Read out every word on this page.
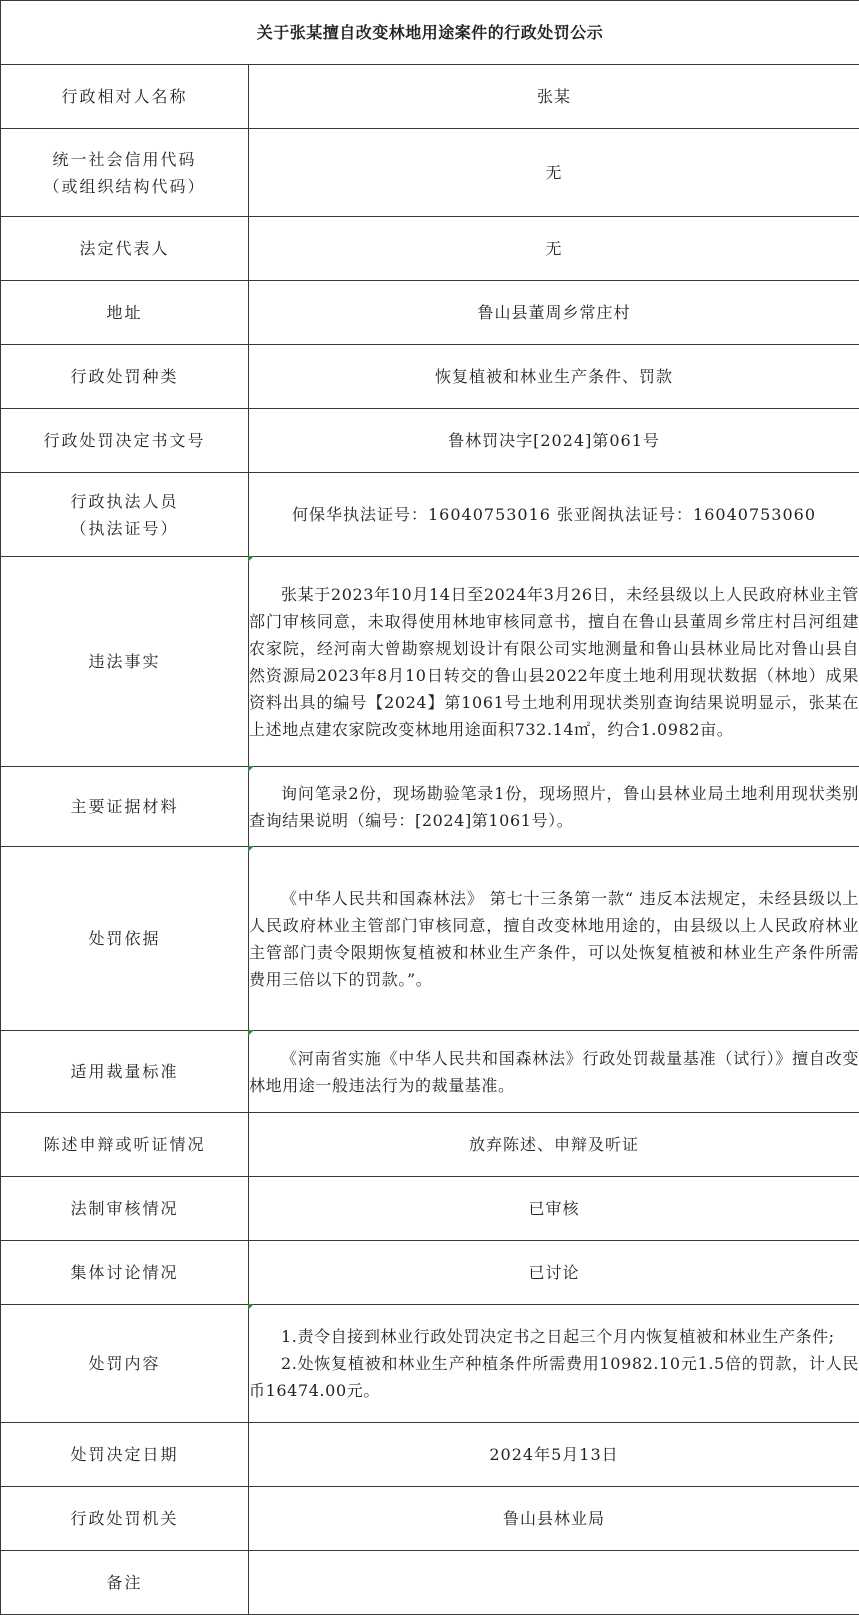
关于张某擅自改变林地用途案件的行政处罚公示	
行政相对人名称	张某

统一社会信用代码
（或组织结构代码）	无
法定代表人	无
地址	鲁山县董周乡常庄村
行政处罚种类	恢复植被和林业生产条件、罚款
行政处罚决定书文号	鲁林罚决字[2024]第061号

行政执法人员
（执法证号）	何保华执法证号：16040753016 张亚阁执法证号：16040753060
违法事实	张某于2023年10月14日至2024年3月26日，未经县级以上人民政府林业主管部门审核同意，未取得使用林地审核同意书，擅自在鲁山县董周乡常庄村吕河组建农家院，经河南大曾勘察规划设计有限公司实地测量和鲁山县林业局比对鲁山县自然资源局2023年8月10日转交的鲁山县2022年度土地利用现状数据（林地）成果资料出具的编号【2024】第1061号土地利用现状类别查询结果说明显示，张某在上述地点建农家院改变林地用途面积732.14㎡，约合1.0982亩。

主要证据材料	询问笔录2份，现场勘验笔录1份，现场照片，鲁山县林业局土地利用现状类别查询结果说明（编号：[2024]第1061号）。

处罚依据	《中华人民共和国森林法》 第七十三条第一款“ 违反本法规定，未经县级以上人民政府林业主管部门审核同意，擅自改变林地用途的，由县级以上人民政府林业主管部门责令限期恢复植被和林业生产条件，可以处恢复植被和林业生产条件所需费用三倍以下的罚款。”。

适用裁量标准	《河南省实施《中华人民共和国森林法》行政处罚裁量基准（试行）》擅自改变林地用途一般违法行为的裁量基准。

陈述申辩或听证情况	放弃陈述、申辩及听证
法制审核情况	已审核
集体讨论情况	已讨论
处罚内容	1.责令自接到林业行政处罚决定书之日起三个月内恢复植被和林业生产条件;

2.处恢复植被和林业生产种植条件所需费用10982.10元1.5倍的罚款，计人民币16474.00元。

处罚决定日期	2024年5月13日
行政处罚机关	鲁山县林业局
备注	
